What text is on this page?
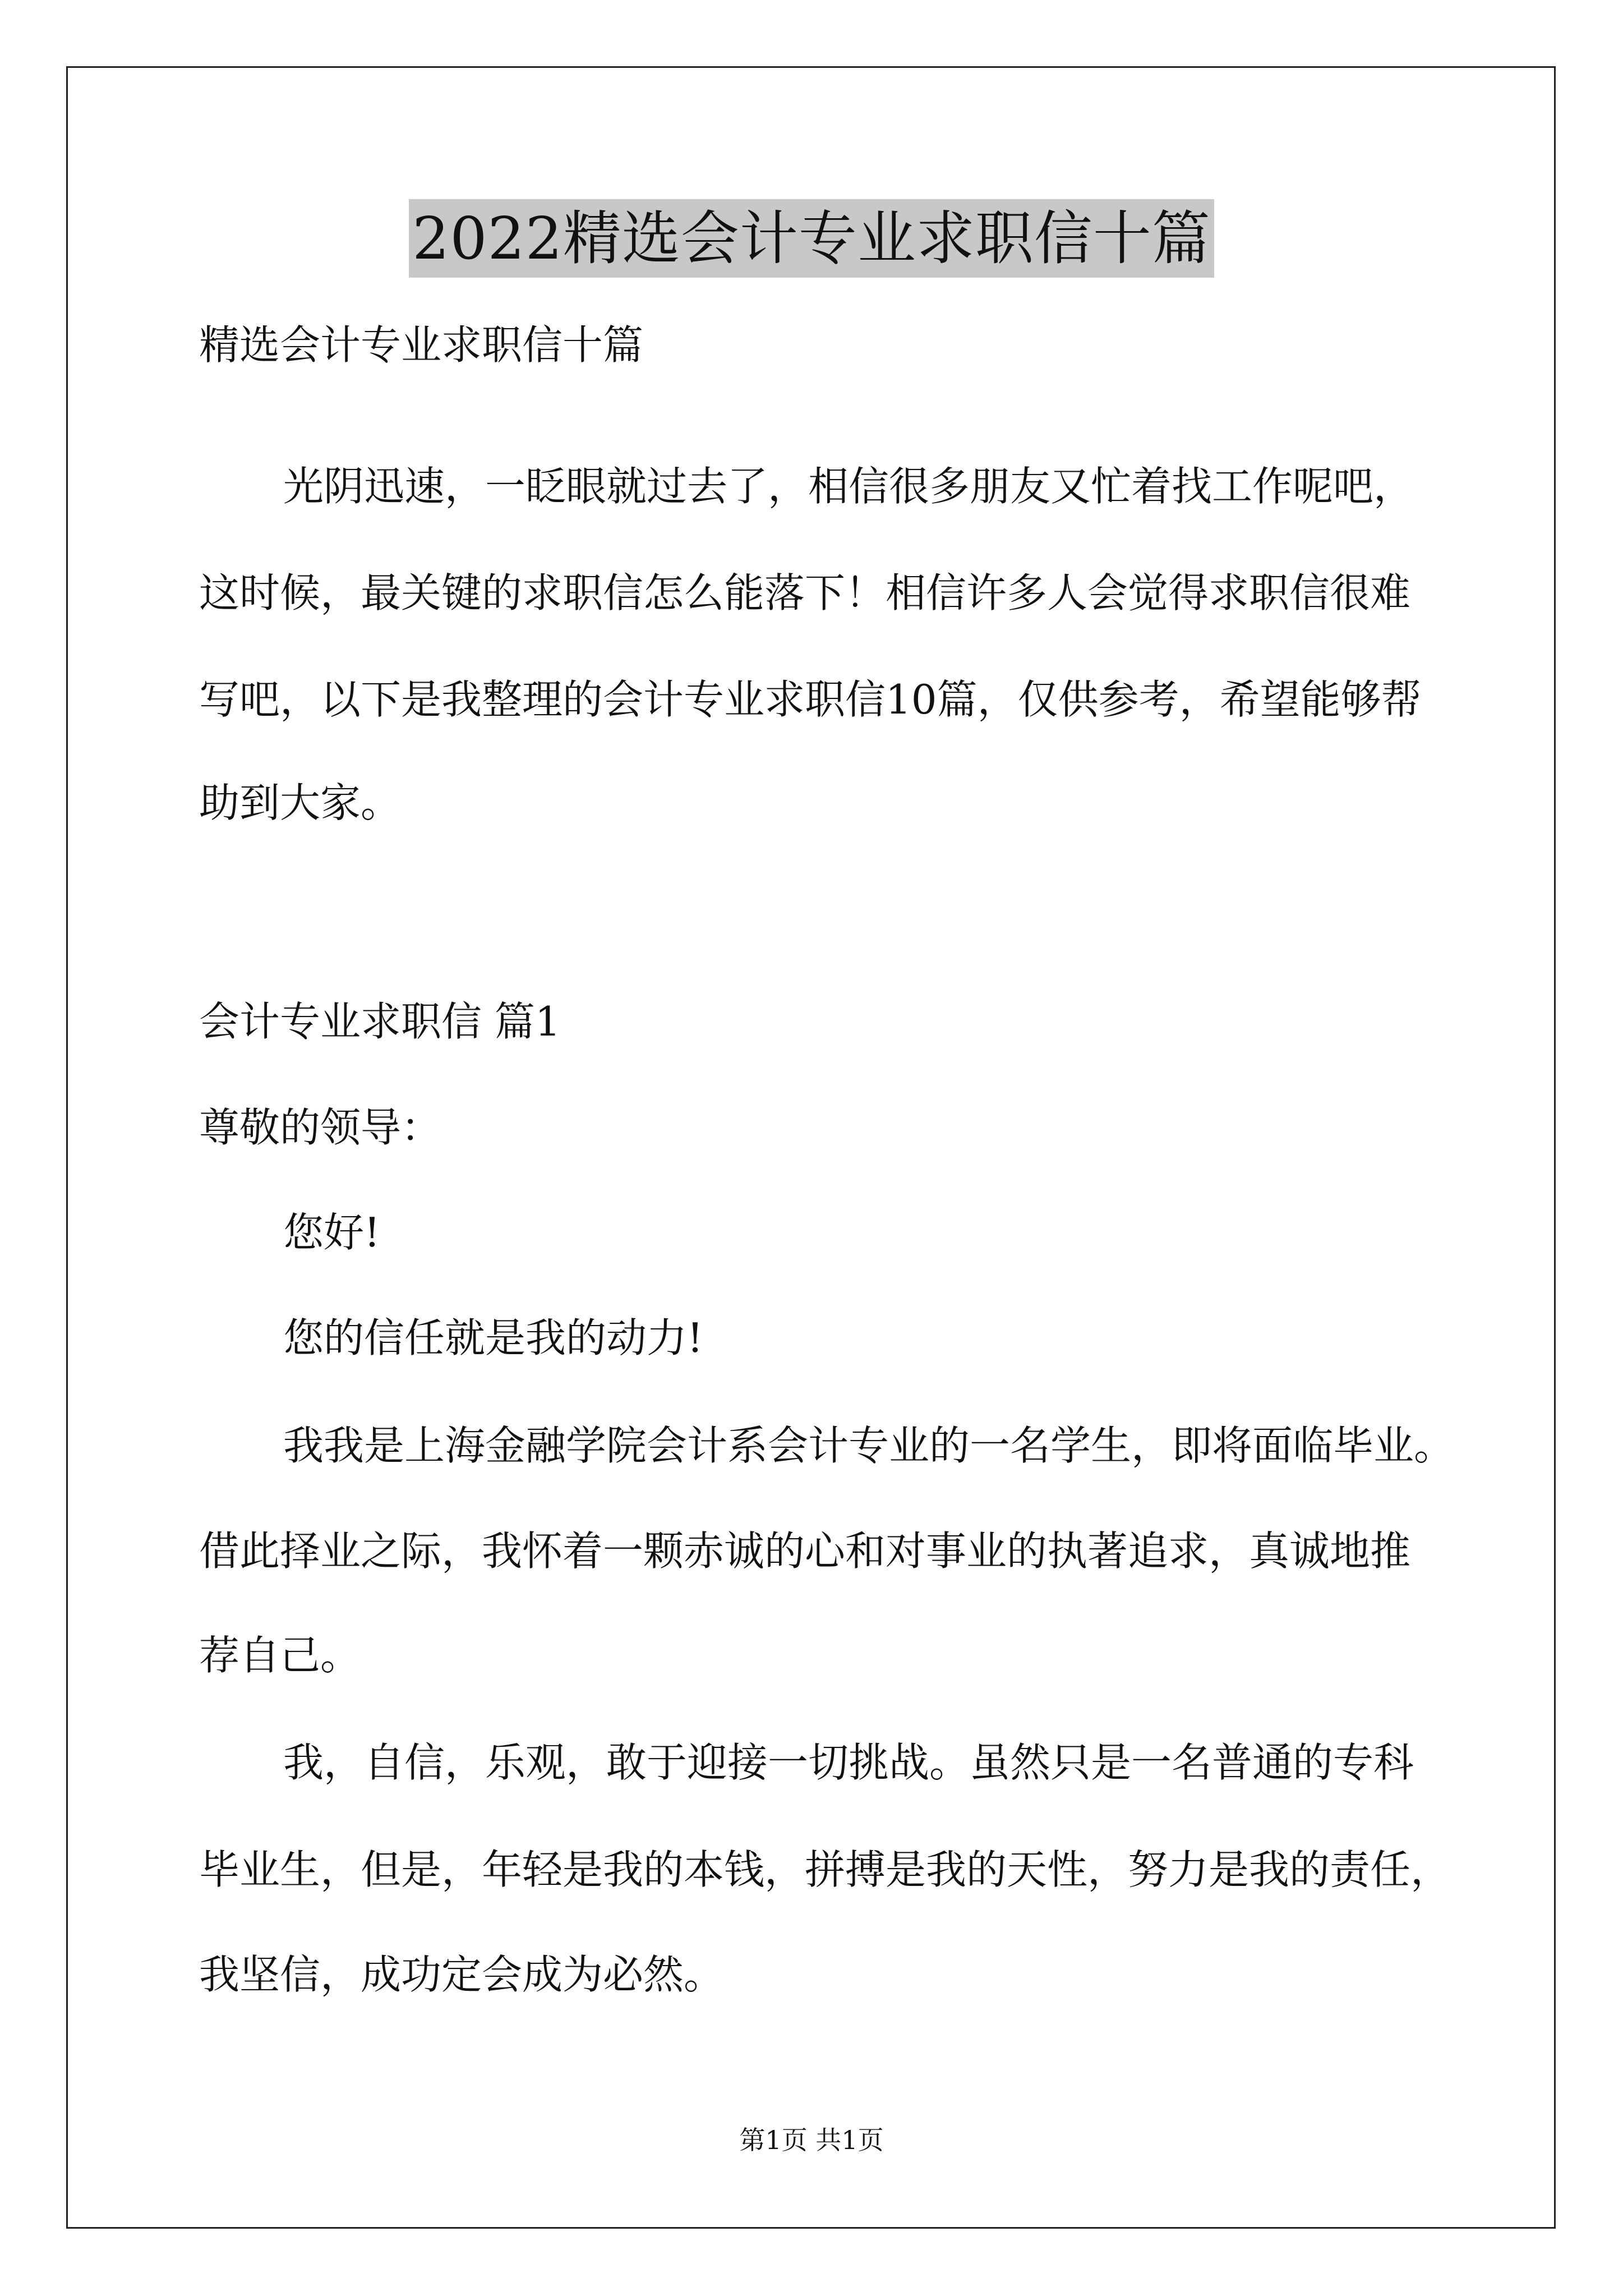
2022精选会计专业求职信十篇
精选会计专业求职信十篇
光阴迅速，一眨眼就过去了，相信很多朋友又忙着找工作呢吧，
这时候，最关键的求职信怎么能落下！相信许多人会觉得求职信很难
写吧，以下是我整理的会计专业求职信10篇，仅供参考，希望能够帮
助到大家。
会计专业求职信 篇1
尊敬的领导：
您好!
您的信任就是我的动力!
我我是上海金融学院会计系会计专业的一名学生，即将面临毕业。
借此择业之际，我怀着一颗赤诚的心和对事业的执著追求，真诚地推
荐自己。
我，自信，乐观，敢于迎接一切挑战。虽然只是一名普通的专科
毕业生，但是，年轻是我的本钱，拼搏是我的天性，努力是我的责任，
我坚信，成功定会成为必然。
第1页 共1页
